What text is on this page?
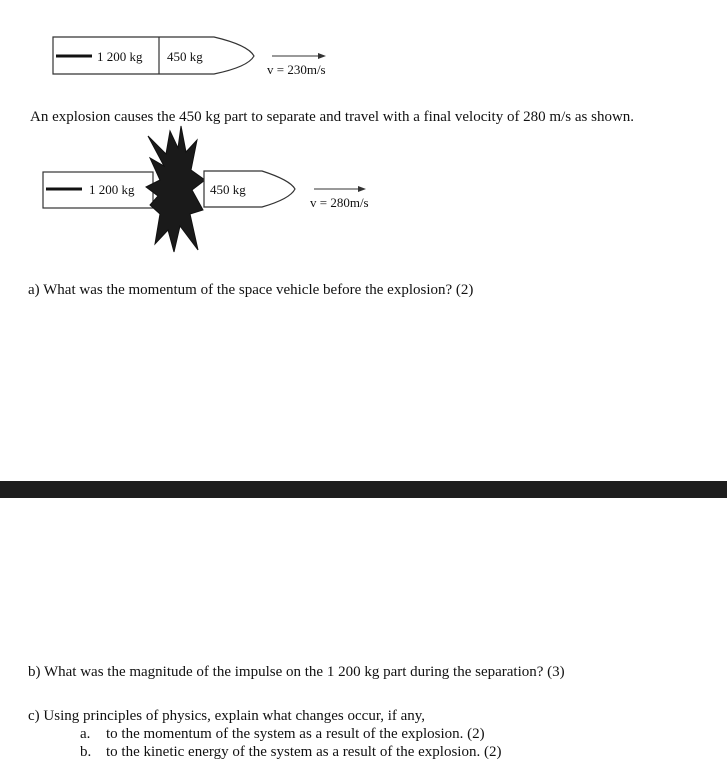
1 200 kg 450 kg
v = 230m/s
An explosion causes the 450 kg part to separate and travel with a final velocity of 280 m/s as shown.
1 200 kg	450 kg
v = 280m/s
a) What was the momentum of the space vehicle before the explosion? (2)
b) What was the magnitude of the impulse on the 1 200 kg part during the separation? (3)
c) Using principles of physics, explain what changes occur, if any,
a. to the momentum of the system as a result of the explosion. (2)
b. to the kinetic energy of the system as a result of the explosion. (2)
